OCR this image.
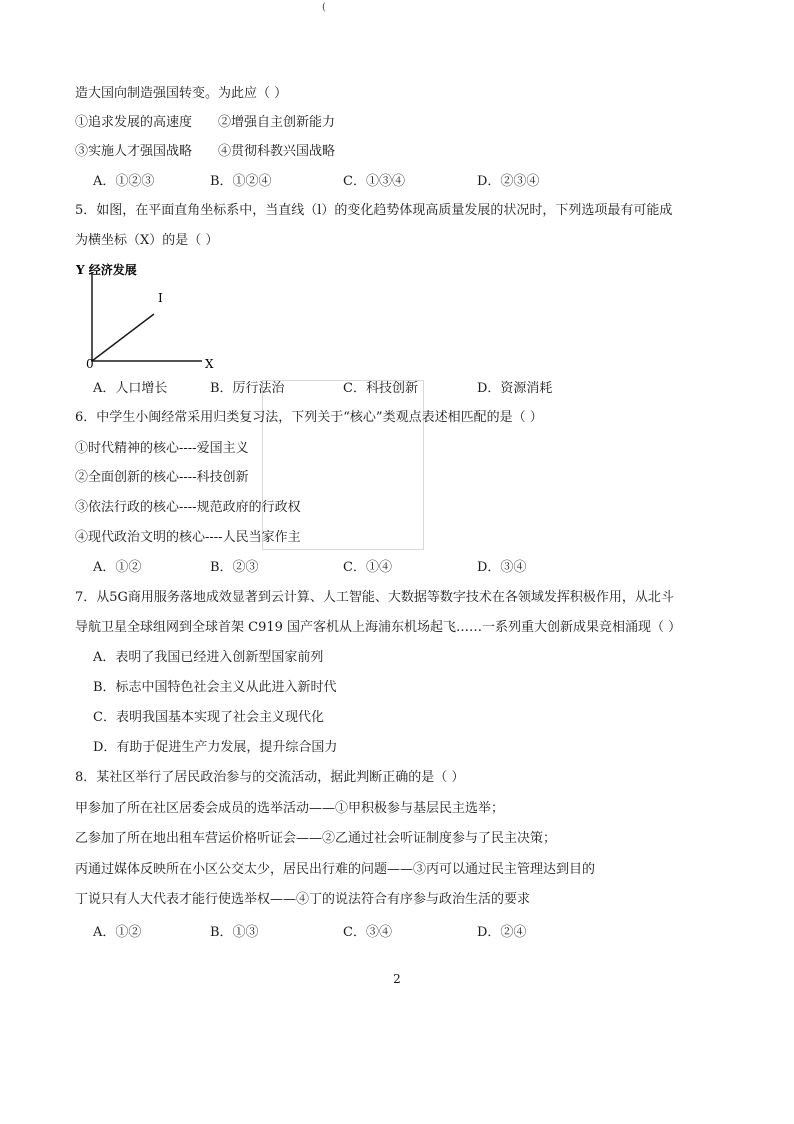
(
造大国向制造强国转变。为此应（ ）
①追求发展的高速度 ②增强自主创新能力
③实施人才强国战略 ④贯彻科教兴国战略
A．①②③	B．①②④	C．①③④	D．②③④
5．如图，在平面直角坐标系中，当直线（l）的变化趋势体现高质量发展的状况时，下列选项最有可能成
为横坐标（X）的是（ ）
Y 经济发展
I
0	X
A．人口增长	B．厉行法治	C．科技创新	D．资源消耗
6．中学生小闽经常采用归类复习法，下列关于“核心”类观点表述相匹配的是（ ）
①时代精神的核心----爱国主义
②全面创新的核心----科技创新
③依法行政的核心----规范政府的行政权
④现代政治文明的核心----人民当家作主
A．①②	B．②③	C．①④	D．③④
7．从5G商用服务落地成效显著到云计算、人工智能、大数据等数字技术在各领域发挥积极作用，从北斗
导航卫星全球组网到全球首架 C919 国产客机从上海浦东机场起飞……一系列重大创新成果竞相涌现（ ）
A．表明了我国已经进入创新型国家前列
B．标志中国特色社会主义从此进入新时代
C．表明我国基本实现了社会主义现代化
D．有助于促进生产力发展，提升综合国力
8．某社区举行了居民政治参与的交流活动，据此判断正确的是（ ）
甲参加了所在社区居委会成员的选举活动——①甲积极参与基层民主选举；
乙参加了所在地出租车营运价格听证会——②乙通过社会听证制度参与了民主决策；
丙通过媒体反映所在小区公交太少，居民出行难的问题——③丙可以通过民主管理达到目的
丁说只有人大代表才能行使选举权——④丁的说法符合有序参与政治生活的要求
A．①②	B．①③	C．③④	D．②④
2
